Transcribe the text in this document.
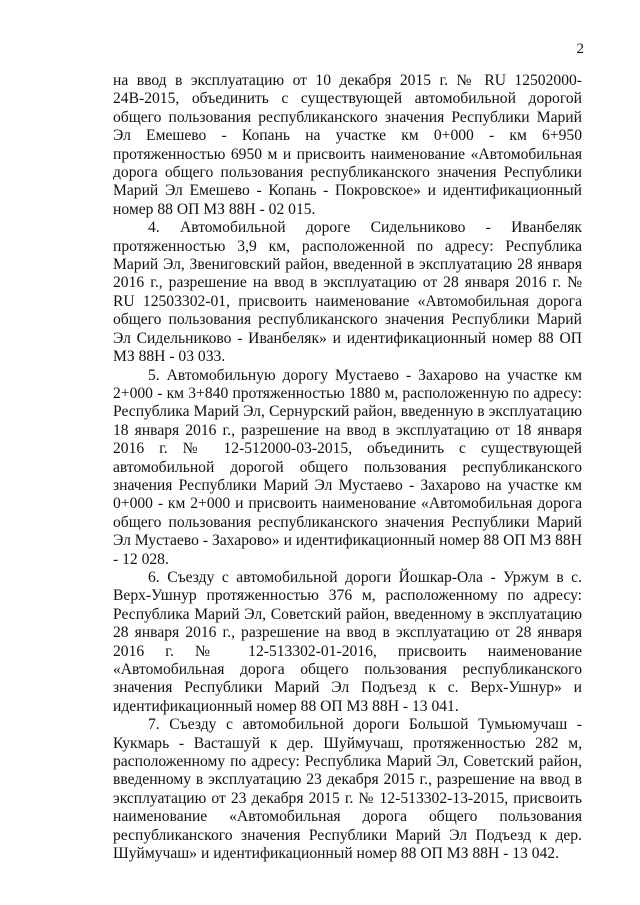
2

на ввод в эксплуатацию от 10 декабря 2015 г. № RU 12502000-24В-2015, объединить с существующей автомобильной дорогой общего пользования республиканского значения Республики Марий Эл Емешево - Копань на участке км 0+000 - км 6+950 протяженностью 6950 м и присвоить наименование «Автомобильная дорога общего пользования республиканского значения Республики Марий Эл Емешево - Копань - Покровское» и идентификационный номер 88 ОП МЗ 88Н - 02 015.

4. Автомобильной дороге Сидельниково - Иванбеляк протяженностью 3,9 км, расположенной по адресу: Республика Марий Эл, Звениговский район, введенной в эксплуатацию 28 января 2016 г., разрешение на ввод в эксплуатацию от 28 января 2016 г. № RU 12503302-01, присвоить наименование «Автомобильная дорога общего пользования республиканского значения Республики Марий Эл Сидельниково - Иванбеляк» и идентификационный номер 88 ОП МЗ 88Н - 03 033.

5. Автомобильную дорогу Мустаево - Захарово на участке км 2+000 - км 3+840 протяженностью 1880 м, расположенную по адресу: Республика Марий Эл, Сернурский район, введенную в эксплуатацию 18 января 2016 г., разрешение на ввод в эксплуатацию от 18 января 2016 г. № 12-512000-03-2015, объединить с существующей автомобильной дорогой общего пользования республиканского значения Республики Марий Эл Мустаево - Захарово на участке км 0+000 - км 2+000 и присвоить наименование «Автомобильная дорога общего пользования республиканского значения Республики Марий Эл Мустаево - Захарово» и идентификационный номер 88 ОП МЗ 88Н - 12 028.

6. Съезду с автомобильной дороги Йошкар-Ола - Уржум в с. Верх-Ушнур протяженностью 376 м, расположенному по адресу: Республика Марий Эл, Советский район, введенному в эксплуатацию 28 января 2016 г., разрешение на ввод в эксплуатацию от 28 января 2016 г. № 12-513302-01-2016, присвоить наименование «Автомобильная дорога общего пользования республиканского значения Республики Марий Эл Подъезд к с. Верх-Ушнур» и идентификационный номер 88 ОП МЗ 88Н - 13 041.

7. Съезду с автомобильной дороги Большой Тумьюмучаш - Кукмарь - Васташуй к дер. Шуймучаш, протяженностью 282 м, расположенному по адресу: Республика Марий Эл, Советский район, введенному в эксплуатацию 23 декабря 2015 г., разрешение на ввод в эксплуатацию от 23 декабря 2015 г. № 12-513302-13-2015, присвоить наименование «Автомобильная дорога общего пользования республиканского значения Республики Марий Эл Подъезд к дер. Шуймучаш» и идентификационный номер 88 ОП МЗ 88Н - 13 042.
